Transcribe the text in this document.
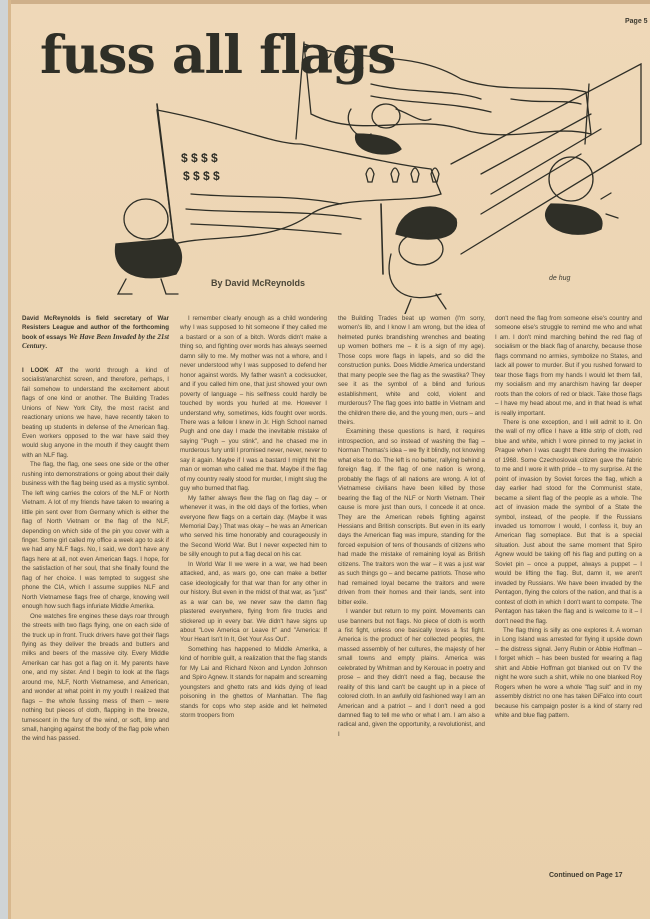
Page 5
fuss all flags
$ $ $ $
$ $ $ $
By David McReynolds	de hug

David McReynolds is field secretary of War Resisters League and author of the forthcoming book of essays We Have Been Invaded by the 21st Century.

I LOOK AT the world through a kind of socialist/anarchist screen, and therefore, perhaps, I fail somehow to understand the excitement about flags of one kind or another. The Building Trades Unions of New York City, the most racist and reactionary unions we have, have recently taken to beating up students in defense of the American flag. Even workers opposed to the war have said they would slug anyone in the mouth if they caught them with an NLF flag.

The flag, the flag, one sees one side or the other rushing into demonstrations or going about their daily business with the flag being used as a mystic symbol. The left wing carries the colors of the NLF or North Vietnam. A lot of my friends have taken to wearing a little pin sent over from Germany which is either the flag of North Vietnam or the flag of the NLF, depending on which side of the pin you cover with a finger. Some girl called my office a week ago to ask if we had any NLF flags. No, I said, we don't have any flags here at all, not even American flags. I hope, for the satisfaction of her soul, that she finally found the flag of her choice. I was tempted to suggest she phone the CIA, which I assume supplies NLF and North Vietnamese flags free of charge, knowing well enough how such flags infuriate Middle Amerika.

One watches fire engines these days roar through the streets with two flags flying, one on each side of the truck up in front. Truck drivers have got their flags flying as they deliver the breads and butters and milks and beers of the massive city. Every Middle Amerikan car has got a flag on it. My parents have one, and my sister. And I begin to look at the flags around me, NLF, North Vietnamese, and American, and wonder at what point in my youth I realized that flags – the whole fussing mess of them – were nothing but pieces of cloth, flapping in the breeze, tumescent in the fury of the wind, or soft, limp and small, hanging against the body of the flag pole when the wind has passed.

I remember clearly enough as a child wondering why I was supposed to hit someone if they called me a bastard or a son of a bitch. Words didn't make a thing so, and fighting over words has always seemed damn silly to me. My mother was not a whore, and I never understood why I was supposed to defend her honor against words. My father wasn't a cocksucker, and if you called him one, that just showed your own poverty of language – his selfness could hardly be touched by words you hurled at me. However I understand why, sometimes, kids fought over words. There was a fellow I knew in Jr. High School named Pugh and one day I made the inevitable mistake of saying "Pugh – you stink", and he chased me in murderous fury until I promised never, never, never to say it again. Maybe if I was a bastard I might hit the man or woman who called me that. Maybe if the flag of my country really stood for murder, I might slug the guy who burned that flag.

My father always flew the flag on flag day – or whenever it was, in the old days of the forties, when everyone flew flags on a certain day. (Maybe it was Memorial Day.) That was okay – he was an American who served his time honorably and courageously in the Second World War. But I never expected him to be silly enough to put a flag decal on his car.

In World War II we were in a war, we had been attacked, and, as wars go, one can make a better case ideologically for that war than for any other in our history. But even in the midst of that war, as "just" as a war can be, we never saw the damn flag plastered everywhere, flying from fire trucks and stickered up in every bar. We didn't have signs up about "Love America or Leave It" and "America: If Your Heart Isn't In It, Get Your Ass Out".

Something has happened to Middle Amerika, a kind of horrible guilt, a realization that the flag stands for My Lai and Richard Nixon and Lyndon Johnson and Spiro Agnew. It stands for napalm and screaming youngsters and ghetto rats and kids dying of lead poisoning in the ghettos of Manhattan. The flag stands for cops who step aside and let helmeted storm troopers from

the Building Trades beat up women (I'm sorry, women's lib, and I know I am wrong, but the idea of helmeted punks brandishing wrenches and beating up women bothers me – it is a sign of my age). Those cops wore flags in lapels, and so did the construction punks. Does Middle America understand that many people see the flag as the swastika? They see it as the symbol of a blind and furious establishment, white and cold, violent and murderous? The flag goes into battle in Vietnam and the children there die, and the young men, ours – and theirs.

Examining these questions is hard, it requires introspection, and so instead of washing the flag – Norman Thomas's idea – we fly it blindly, not knowing what else to do. The left is no better, rallying behind a foreign flag. If the flag of one nation is wrong, probably the flags of all nations are wrong. A lot of Vietnamese civilians have been killed by those bearing the flag of the NLF or North Vietnam. Their cause is more just than ours, I concede it at once. They are the American rebels fighting against Hessians and British conscripts. But even in its early days the American flag was impure, standing for the forced expulsion of tens of thousands of citizens who had made the mistake of remaining loyal as British citizens. The traitors won the war – it was a just war as such things go – and became patriots. Those who had remained loyal became the traitors and were driven from their homes and their lands, sent into bitter exile.

I wander but return to my point. Movements can use banners but not flags. No piece of cloth is worth a fist fight, unless one basically loves a fist fight. America is the product of her collected peoples, the massed assembly of her cultures, the majesty of her small towns and empty plains. America was celebrated by Whitman and by Kerouac in poetry and prose – and they didn't need a flag, because the reality of this land can't be caught up in a piece of colored cloth. In an awfully old fashioned way I am an American and a patriot – and I don't need a god damned flag to tell me who or what I am. I am also a radical and, given the opportunity, a revolutionist, and I

don't need the flag from someone else's country and someone else's struggle to remind me who and what I am. I don't mind marching behind the red flag of socialism or the black flag of anarchy, because those flags command no armies, symbolize no States, and lack all power to murder. But if you rushed forward to tear those flags from my hands I would let them fall, my socialism and my anarchism having far deeper roots than the colors of red or black. Take those flags – I have my head about me, and in that head is what is really important.

There is one exception, and I will admit to it. On the wall of my office I have a little strip of cloth, red blue and white, which I wore pinned to my jacket in Prague when I was caught there during the invasion of 1968. Some Czechoslovak citizen gave the fabric to me and I wore it with pride – to my surprise. At the point of invasion by Soviet forces the flag, which a day earlier had stood for the Communist state, became a silent flag of the people as a whole. The act of invasion made the symbol of a State the symbol, instead, of the people. If the Russians invaded us tomorrow I would, I confess it, buy an American flag someplace. But that is a special situation. Just about the same moment that Spiro Agnew would be taking off his flag and putting on a Soviet pin – once a puppet, always a puppet – I would be lifting the flag. But, damn it, we aren't invaded by Russians. We have been invaded by the Pentagon, flying the colors of the nation, and that is a contest of cloth in which I don't want to compete. The Pentagon has taken the flag and is welcome to it – I don't need the flag.

The flag thing is silly as one explores it. A woman in Long Island was arrested for flying it upside down – the distress signal. Jerry Rubin or Abbie Hoffman – I forget which – has been busted for wearing a flag shirt and Abbie Hoffman got blanked out on TV the night he wore such a shirt, while no one blanked Roy Rogers when he wore a whole "flag suit" and in my assembly district no one has taken DiFalco into court because his campaign poster is a kind of starry red white and blue flag pattern.

Continued on Page 17
